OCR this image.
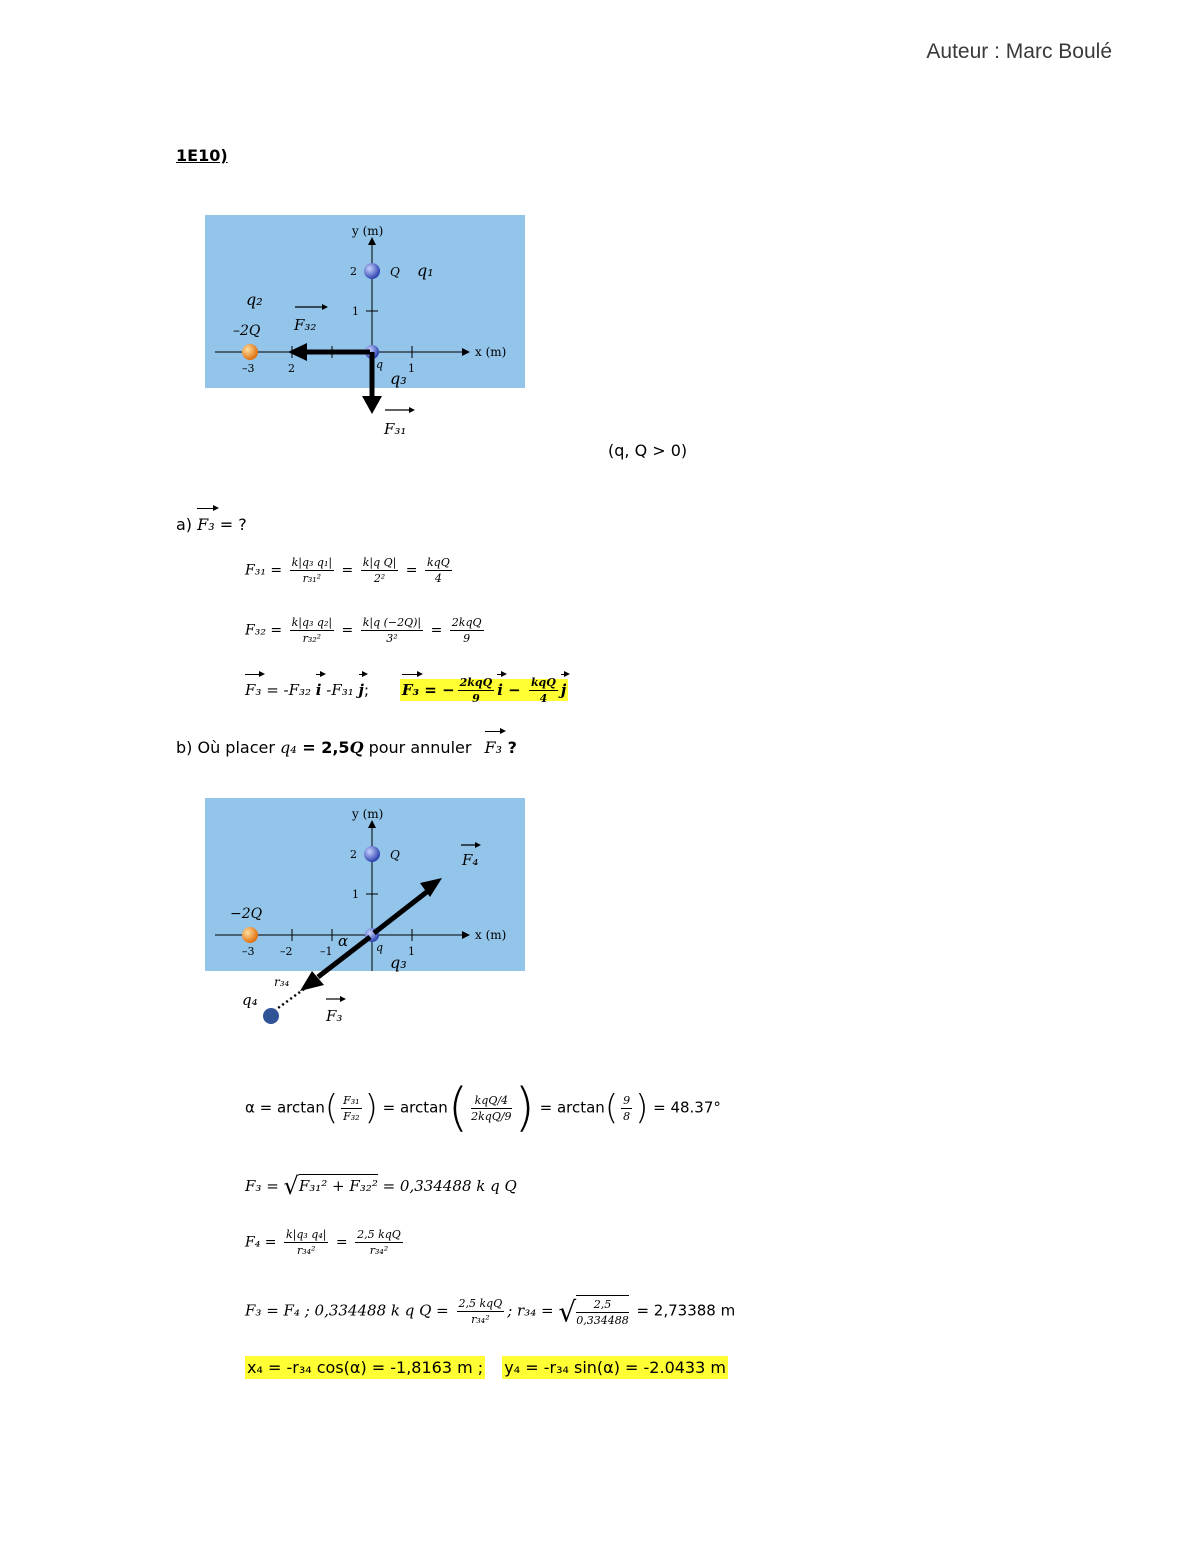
Auteur : Marc Boulé
1E10)
y (m)
x (m)
2
1
–3	2	1
Q
–2Q
q
q₁
q₂
q₃
F₃₂
F₃₁
(q, Q > 0)
a) F₃ = ?
$F_{31} = \frac{\text{k|q₃ q₁|}}{\text{r₃₁²}} = \frac{\text{k|q Q|}}{\text{2²}} = \frac{\text{kqQ}}{4}$
$F_{32} = \frac{\text{k|q₃ q₂|}}{\text{r₃₂²}} = \frac{k|q (-2Q)|}{\text{3²}} = \frac{\text{2kqQ}}{9}$
F₃ = -F₃₂ i -F₃₁ j; F₃ = − $\frac{\text{2kqQ}}{9}$ $i - \frac{\text{kqQ}}{4}$ j
b) Où placer q₄ = 2,5Q pour annuler F₃ ?
y (m)
x (m)
2
1
–3 –2	–1	1
Q
−2Q
q
q₃
α
F₄
F₃
r₃₄
q₄
$\alpha = \arctan( \frac{\text{F₃₁}}{\text{F₃₂}}$ ) = $\arctan( \frac{\text{kqQ/4}}{\text{2kqQ/9}}$ ) = $\arctan( \frac{9}{8}$ ) = 48.37°
F₃ = √F₃₁² + F₃₂² = 0,334488 k q Q
$F_4 = \frac{\text{k|q₃ q₄|}}{\text{r₃₄²}} = \frac{\text{2,5 kqQ}}{\text{r₃₄²}}$
F₃ = F₄ ; 0,334488 k q $Q = \frac{\text{2,5 kqQ}}{\text{r₃₄²}}$ ; r₃₄ = √ $\frac{2,5}{0,334488} = 2,73388$ m
x₄ = -r₃₄ cos(α) = -1,8163 m ; y₄ = -r₃₄ sin(α) = -2.0433 m
